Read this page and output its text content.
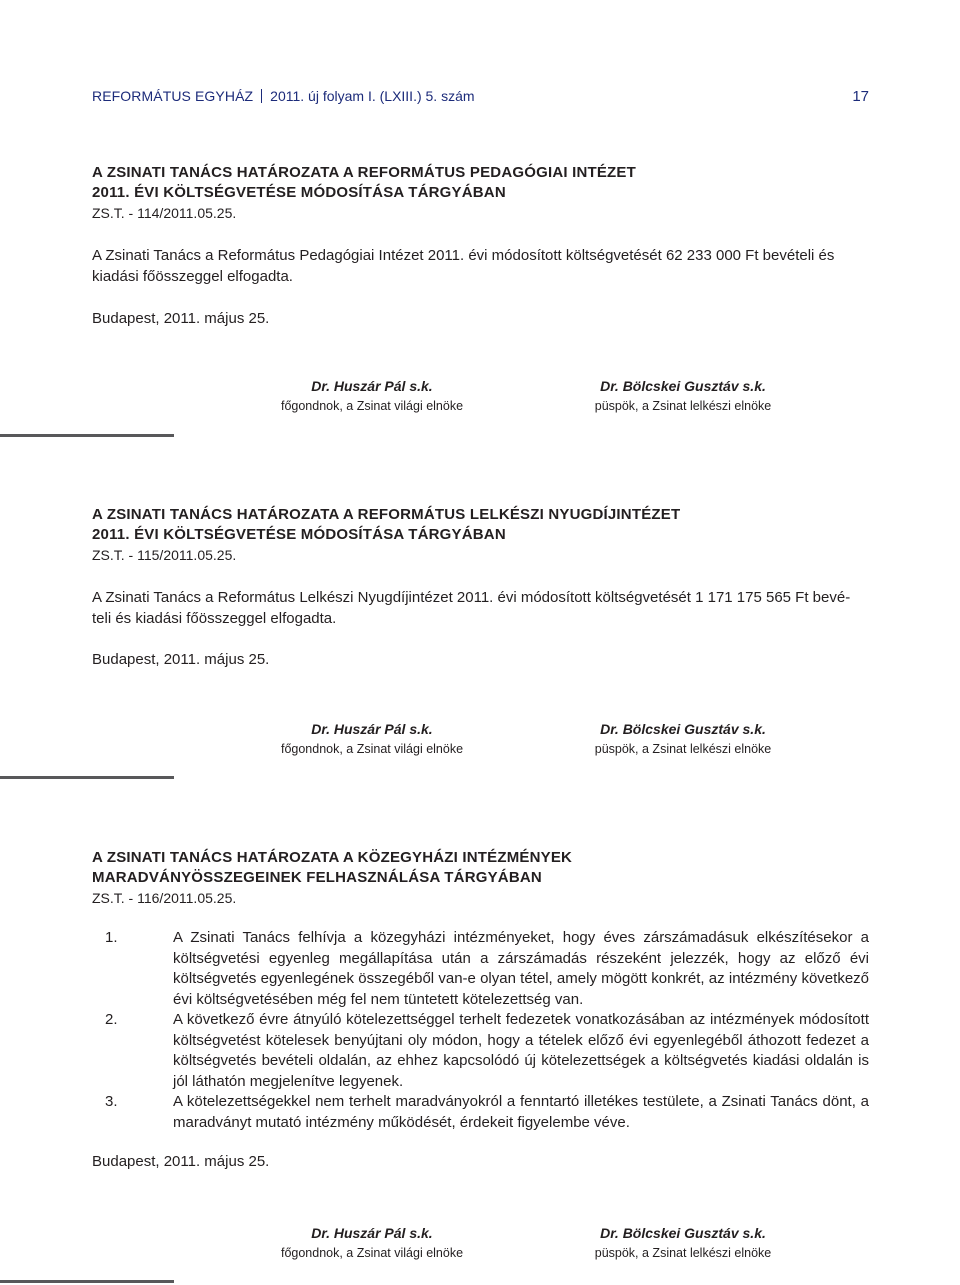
REFORMÁTUS EGYHÁZ 2011. új folyam I. (LXIII.) 5. szám	17

A ZSINATI TANÁCS HATÁROZATA A REFORMÁTUS PEDAGÓGIAI INTÉZET

2011. ÉVI KÖLTSÉGVETÉSE MÓDOSÍTÁSA TÁRGYÁBAN

ZS.T. - 114/2011.05.25.

A Zsinati Tanács a Református Pedagógiai Intézet 2011. évi módosított költségvetését 62 233 000 Ft bevételi és

kiadási főösszeggel elfogadta.

Budapest, 2011. május 25.

Dr. Huszár Pál s.k.
főgondnok, a Zsinat világi elnöke
Dr. Bölcskei Gusztáv s.k.
püspök, a Zsinat lelkészi elnöke

A ZSINATI TANÁCS HATÁROZATA A REFORMÁTUS LELKÉSZI NYUGDÍJINTÉZET

2011. ÉVI KÖLTSÉGVETÉSE MÓDOSÍTÁSA TÁRGYÁBAN

ZS.T. - 115/2011.05.25.

A Zsinati Tanács a Református Lelkészi Nyugdíjintézet 2011. évi módosított költségvetését 1 171 175 565 Ft bevé-

teli és kiadási főösszeggel elfogadta.

Budapest, 2011. május 25.

Dr. Huszár Pál s.k.
főgondnok, a Zsinat világi elnöke
Dr. Bölcskei Gusztáv s.k.
püspök, a Zsinat lelkészi elnöke

A ZSINATI TANÁCS HATÁROZATA A KÖZEGYHÁZI INTÉZMÉNYEK

MARADVÁNYÖSSZEGEINEK FELHASZNÁLÁSA TÁRGYÁBAN

ZS.T. - 116/2011.05.25.

1.	A Zsinati Tanács felhívja a közegyházi intézményeket, hogy éves zárszámadásuk elkészítésekor a költségvetési egyenleg megállapítása után a zárszámadás részeként jelezzék, hogy az előző évi költségvetés egyenlegének összegéből van-e olyan tétel, amely mögött konkrét, az intézmény következő évi költségvetésében még fel nem tüntetett kötelezettség van.
2.	A következő évre átnyúló kötelezettséggel terhelt fedezetek vonatkozásában az intézmények módosított költségvetést kötelesek benyújtani oly módon, hogy a tételek előző évi egyenlegéből áthozott fedezet a költségvetés bevételi oldalán, az ehhez kapcsolódó új kötelezettségek a költségvetés kiadási oldalán is jól láthatón megjelenítve legyenek.
3.	A kötelezettségekkel nem terhelt maradványokról a fenntartó illetékes testülete, a Zsinati Tanács dönt, a maradványt mutató intézmény működését, érdekeit figyelembe véve.

Budapest, 2011. május 25.

Dr. Huszár Pál s.k.
főgondnok, a Zsinat világi elnöke
Dr. Bölcskei Gusztáv s.k.
püspök, a Zsinat lelkészi elnöke
